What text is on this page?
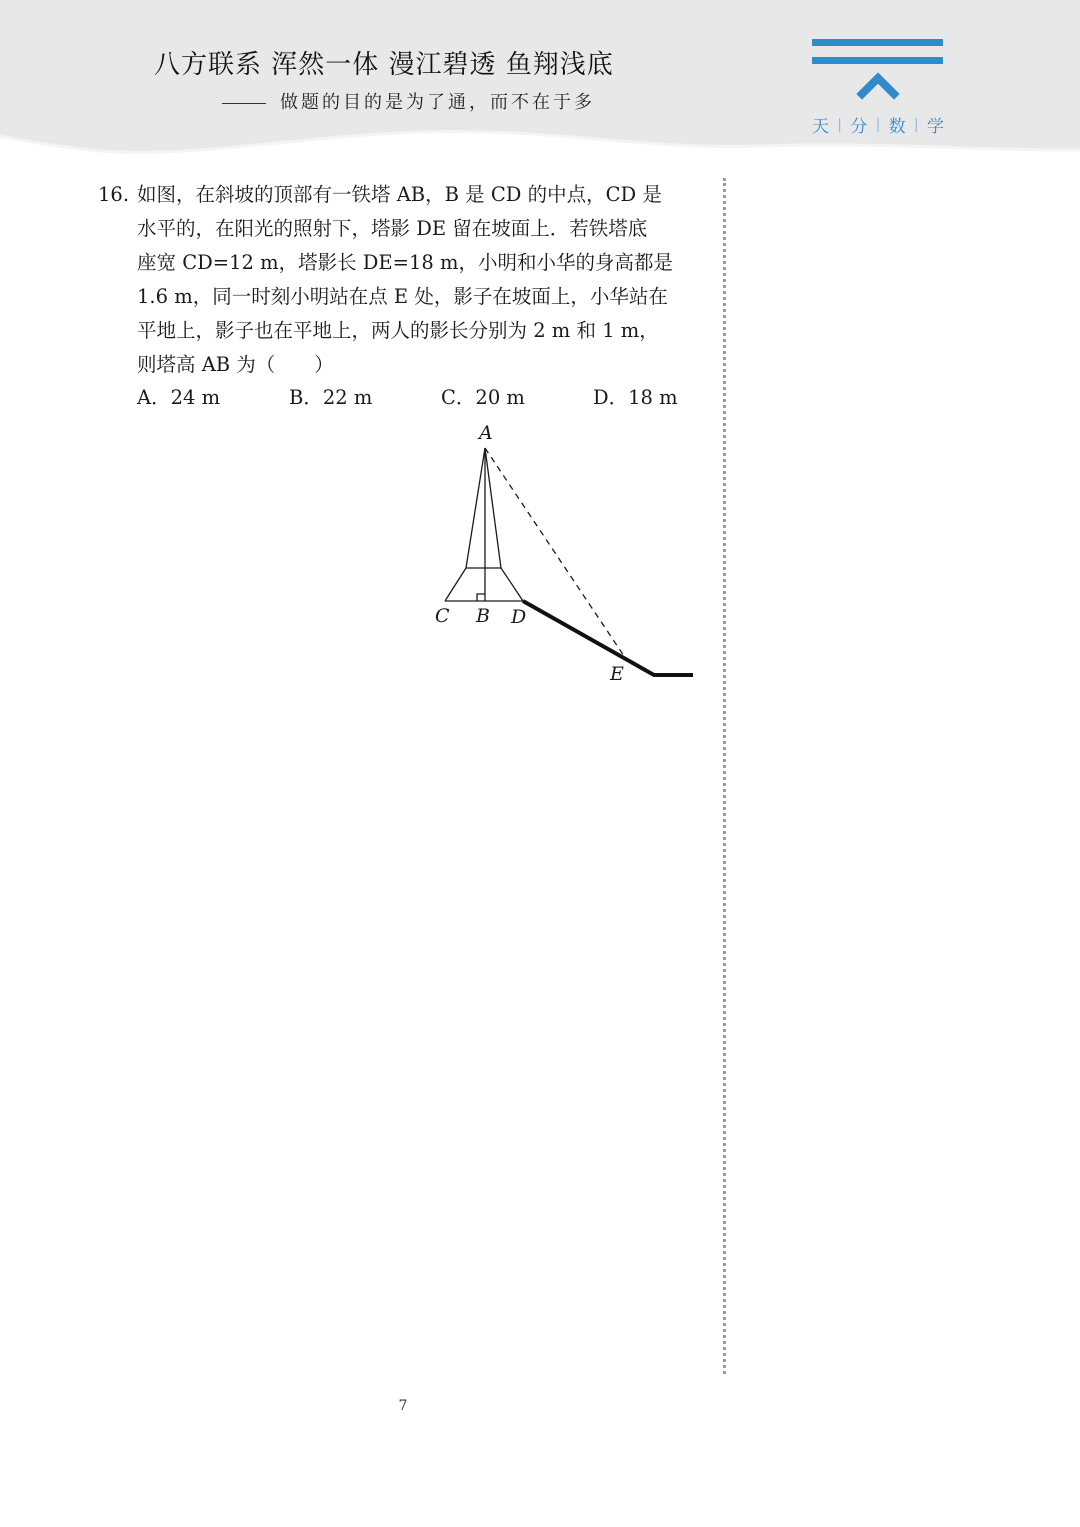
八方联系 浑然一体 漫江碧透 鱼翔浅底
做题的目的是为了通，而不在于多
天 | 分 | 数 | 学
16. 如图，在斜坡的顶部有一铁塔 AB，B 是 CD 的中点，CD 是
水平的，在阳光的照射下，塔影 DE 留在坡面上．若铁塔底
座宽 CD=12 m，塔影长 DE=18 m，小明和小华的身高都是
1.6 m，同一时刻小明站在点 E 处，影子在坡面上，小华站在
平地上，影子也在平地上，两人的影长分别为 2 m 和 1 m，
则塔高 AB 为（　　）
A．24 m	B．22 m	C．20 m	D．18 m
A
C B D
E
7
